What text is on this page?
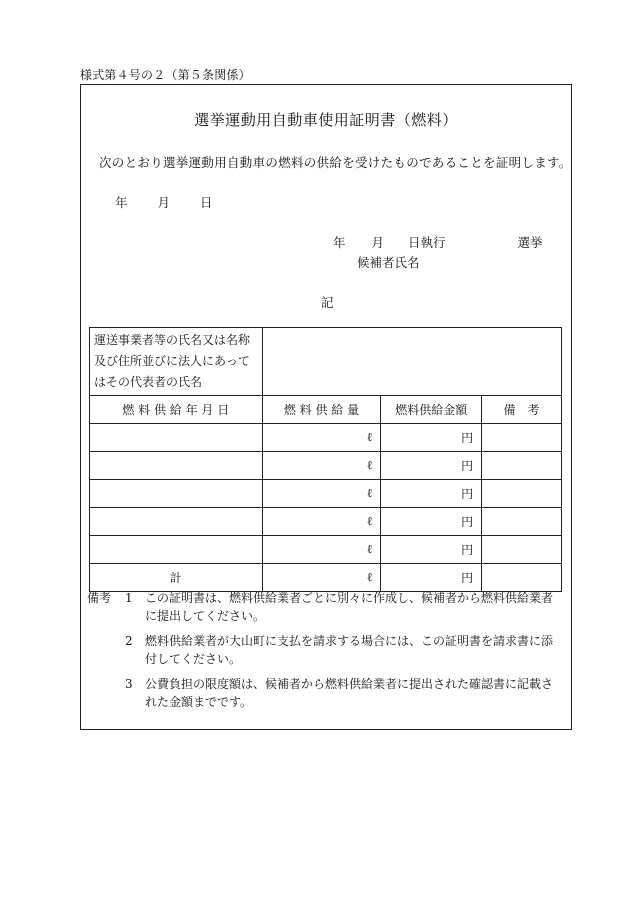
様式第４号の２（第５条関係）
選挙運動用自動車使用証明書（燃料）
次のとおり選挙運動用自動車の燃料の供給を受けたものであることを証明します。
年 月 日
年 月 日執行	選挙
候補者氏名
記
運送事業者等の氏名又は名称
及び住所並びに法人にあって
はその代表者の氏名			

燃 料 供 給 年 月 日	燃 料 供 給 量	燃料供給金額	備　考
	ℓ	円	
	ℓ	円	
	ℓ	円	
	ℓ	円	
	ℓ	円	
計	ℓ	円	
備考	1 この証明書は、燃料供給業者ごとに別々に作成し、候補者から燃料供給業者に提出してください。
2 燃料供給業者が大山町に支払を請求する場合には、この証明書を請求書に添付してください。
3 公費負担の限度額は、候補者から燃料供給業者に提出された確認書に記載された金額までです。
